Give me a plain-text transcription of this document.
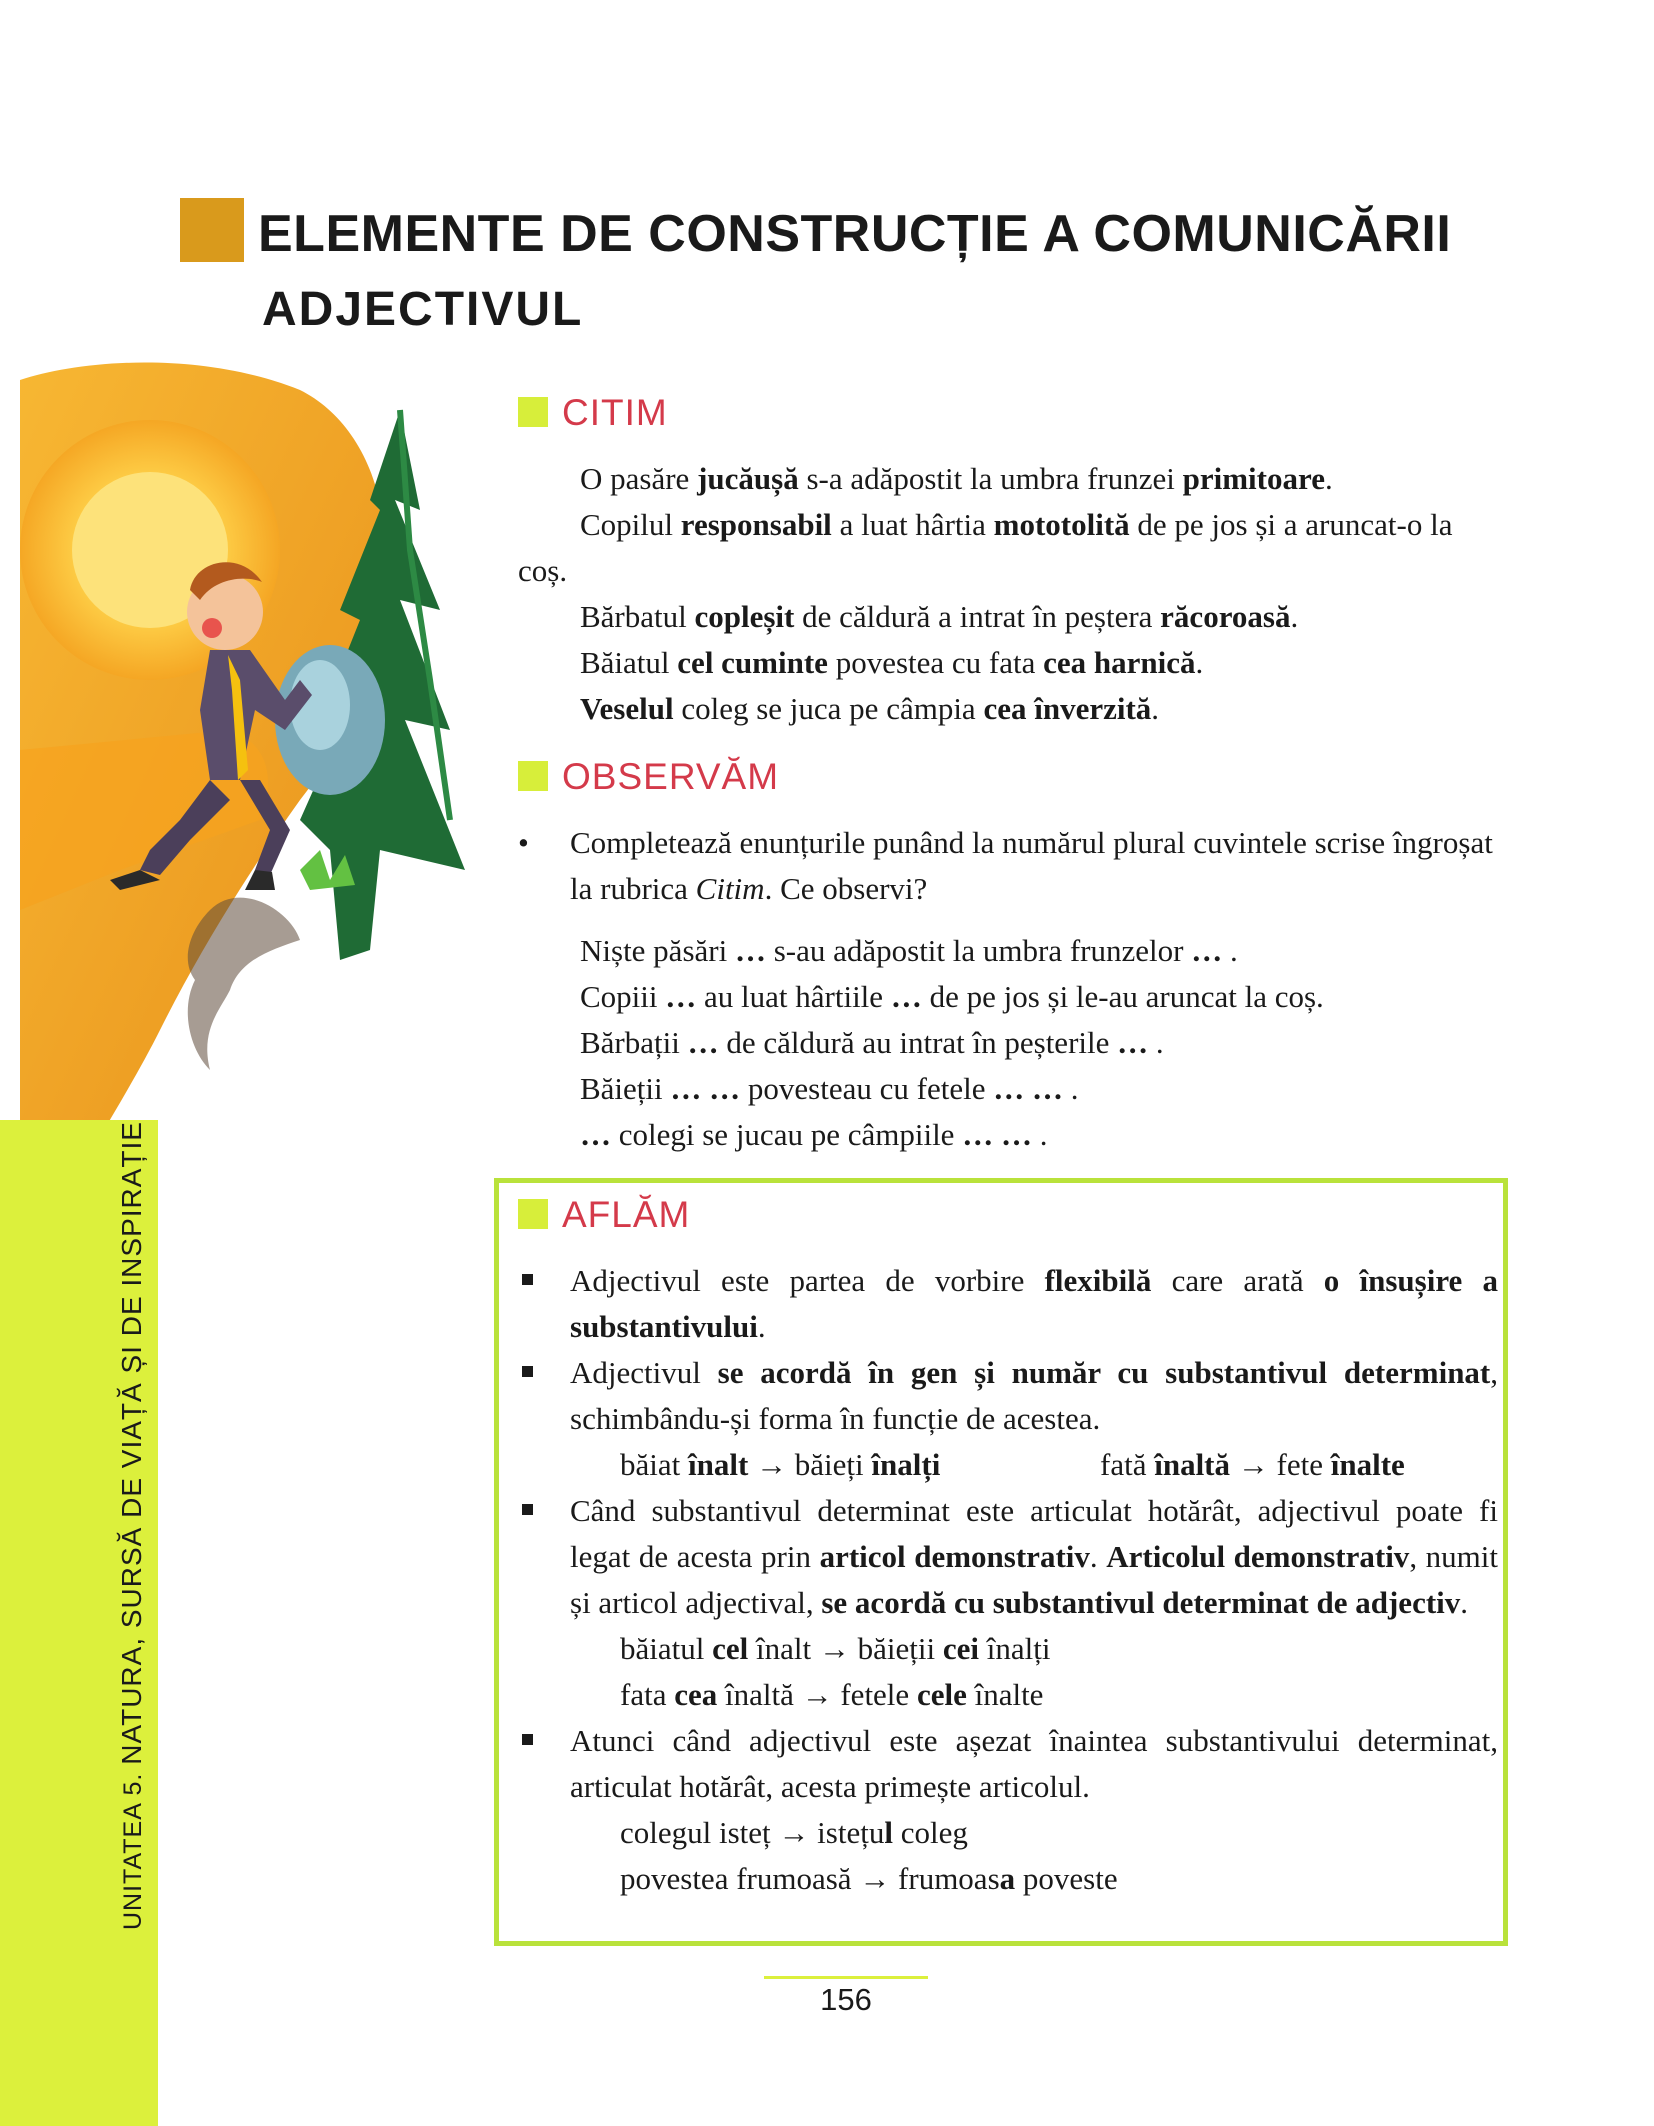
ELEMENTE DE CONSTRUCȚIE A COMUNICĂRII
ADJECTIVUL
CITIM
O pasăre jucăușă s-a adăpostit la umbra frunzei primitoare.
Copilul responsabil a luat hârtia mototolită de pe jos și a aruncat-o la coș.
Bărbatul copleșit de căldură a intrat în peștera răcoroasă.
Băiatul cel cuminte povestea cu fata cea harnică.
Veselul coleg se juca pe câmpia cea înverzită.
OBSERVĂM
• Completează enunțurile punând la numărul plural cuvintele scrise îngroșat la rubrica Citim. Ce observi?
Niște păsări … s-au adăpostit la umbra frunzelor … .
Copiii … au luat hârtiile … de pe jos și le-au aruncat la coș.
Bărbații … de căldură au intrat în peșterile … .
Băieții … … povesteau cu fetele … … .
… colegi se jucau pe câmpiile … … .
AFLĂM
Adjectivul este partea de vorbire flexibilă care arată o însușire a substantivului.
Adjectivul se acordă în gen și număr cu substantivul determinat, schimbându-și forma în funcție de acestea.
băiat înalt → băieți înalți	fată înaltă → fete înalte
Când substantivul determinat este articulat hotărât, adjectivul poate fi legat de acesta prin articol demonstrativ. Articolul demonstrativ, numit și articol adjectival, se acordă cu substantivul determinat de adjectiv.
băiatul cel înalt → băieții cei înalți
fata cea înaltă → fetele cele înalte
Atunci când adjectivul este așezat înaintea substantivului determinat, articulat hotărât, acesta primește articolul.
colegul isteț → istețul coleg
povestea frumoasă → frumoasa poveste
UNITATEA 5. NATURA, SURSĂ DE VIAȚĂ ȘI DE INSPIRAȚIE
156
